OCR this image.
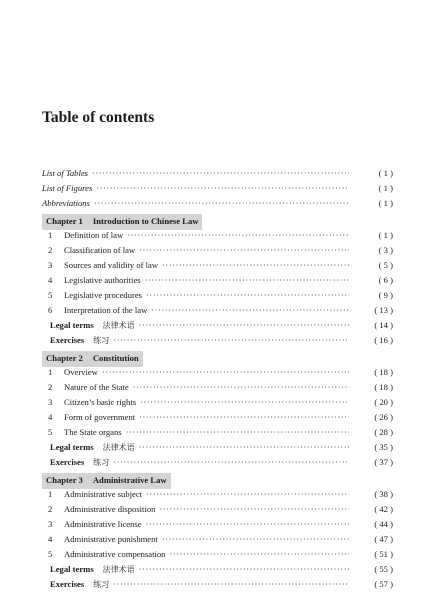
Table of contents
List of Tables ·····	( 1 )
List of Figures ·····	( 1 )
Abbreviations ·····	( 1 )
Chapter 1 Introduction to Chinese Law
1	Definition of law ·····	( 1 )
2	Classification of law ·····	( 3 )
3	Sources and validity of law ·····	( 5 )
4	Legislative authorities ·····	( 6 )
5	Legislative procedures ·····	( 9 )
6	Interpretation of the law ·····	( 13 )
Legal terms 法律术语 ·····	( 14 )
Exercises 练习 ·····	( 16 )
Chapter 2 Constitution
1	Overview ·····	( 18 )
2	Nature of the State ·····	( 18 )
3	Citizen’s basic rights ·····	( 20 )
4	Form of government ·····	( 26 )
5	The State organs ·····	( 28 )
Legal terms 法律术语 ·····	( 35 )
Exercises 练习 ·····	( 37 )
Chapter 3 Administrative Law
1	Administrative subject ·····	( 38 )
2	Administrative disposition ·····	( 42 )
3	Administrative license ·····	( 44 )
4	Administrative punishment ·····	( 47 )
5	Administrative compensation ·····	( 51 )
Legal terms 法律术语 ·····	( 55 )
Exercises 练习 ·····	( 57 )
